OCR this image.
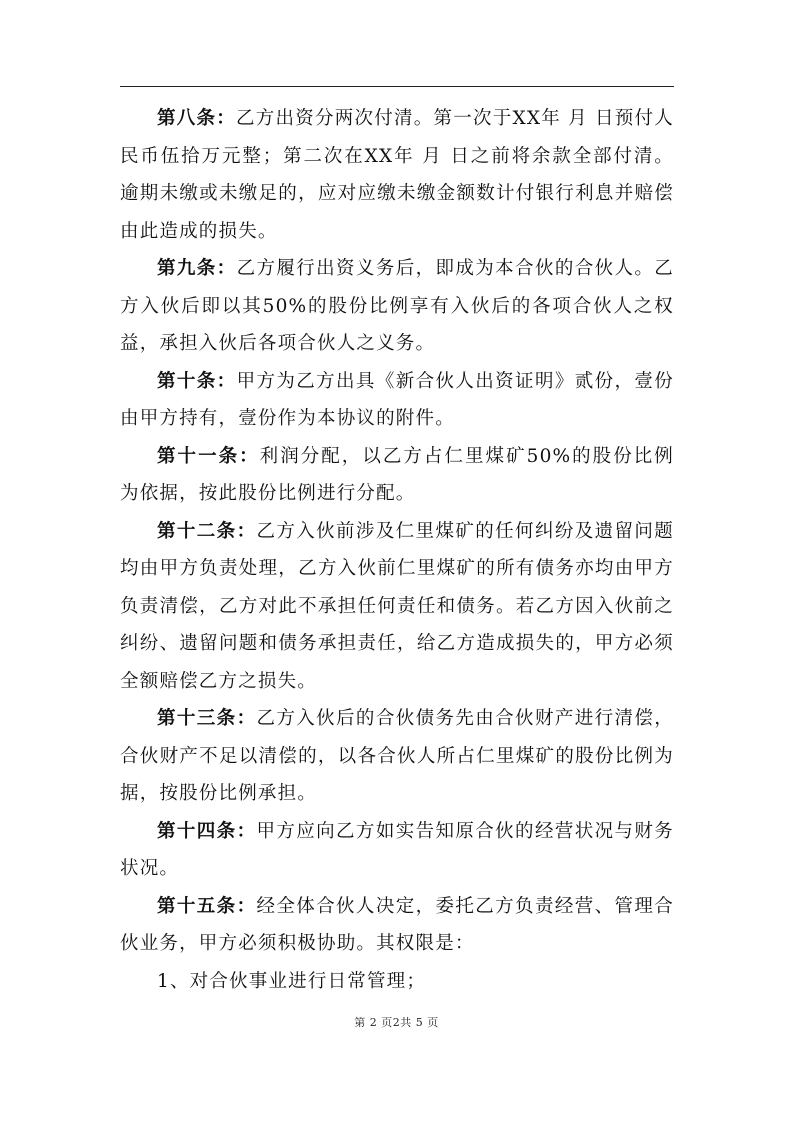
第八条：乙方出资分两次付清。第一次于XX年 月 日预付人民币伍拾万元整；第二次在XX年 月 日之前将余款全部付清。逾期未缴或未缴足的，应对应缴未缴金额数计付银行利息并赔偿由此造成的损失。

第九条：乙方履行出资义务后，即成为本合伙的合伙人。乙方入伙后即以其50%的股份比例享有入伙后的各项合伙人之权益，承担入伙后各项合伙人之义务。

第十条：甲方为乙方出具《新合伙人出资证明》贰份，壹份由甲方持有，壹份作为本协议的附件。

第十一条：利润分配，以乙方占仁里煤矿50%的股份比例为依据，按此股份比例进行分配。

第十二条：乙方入伙前涉及仁里煤矿的任何纠纷及遗留问题均由甲方负责处理，乙方入伙前仁里煤矿的所有债务亦均由甲方负责清偿，乙方对此不承担任何责任和债务。若乙方因入伙前之纠纷、遗留问题和债务承担责任，给乙方造成损失的，甲方必须全额赔偿乙方之损失。

第十三条：乙方入伙后的合伙债务先由合伙财产进行清偿，合伙财产不足以清偿的，以各合伙人所占仁里煤矿的股份比例为据，按股份比例承担。

第十四条：甲方应向乙方如实告知原合伙的经营状况与财务状况。

第十五条：经全体合伙人决定，委托乙方负责经营、管理合伙业务，甲方必须积极协助。其权限是：

1、对合伙事业进行日常管理；

第 2 页2共 5 页
